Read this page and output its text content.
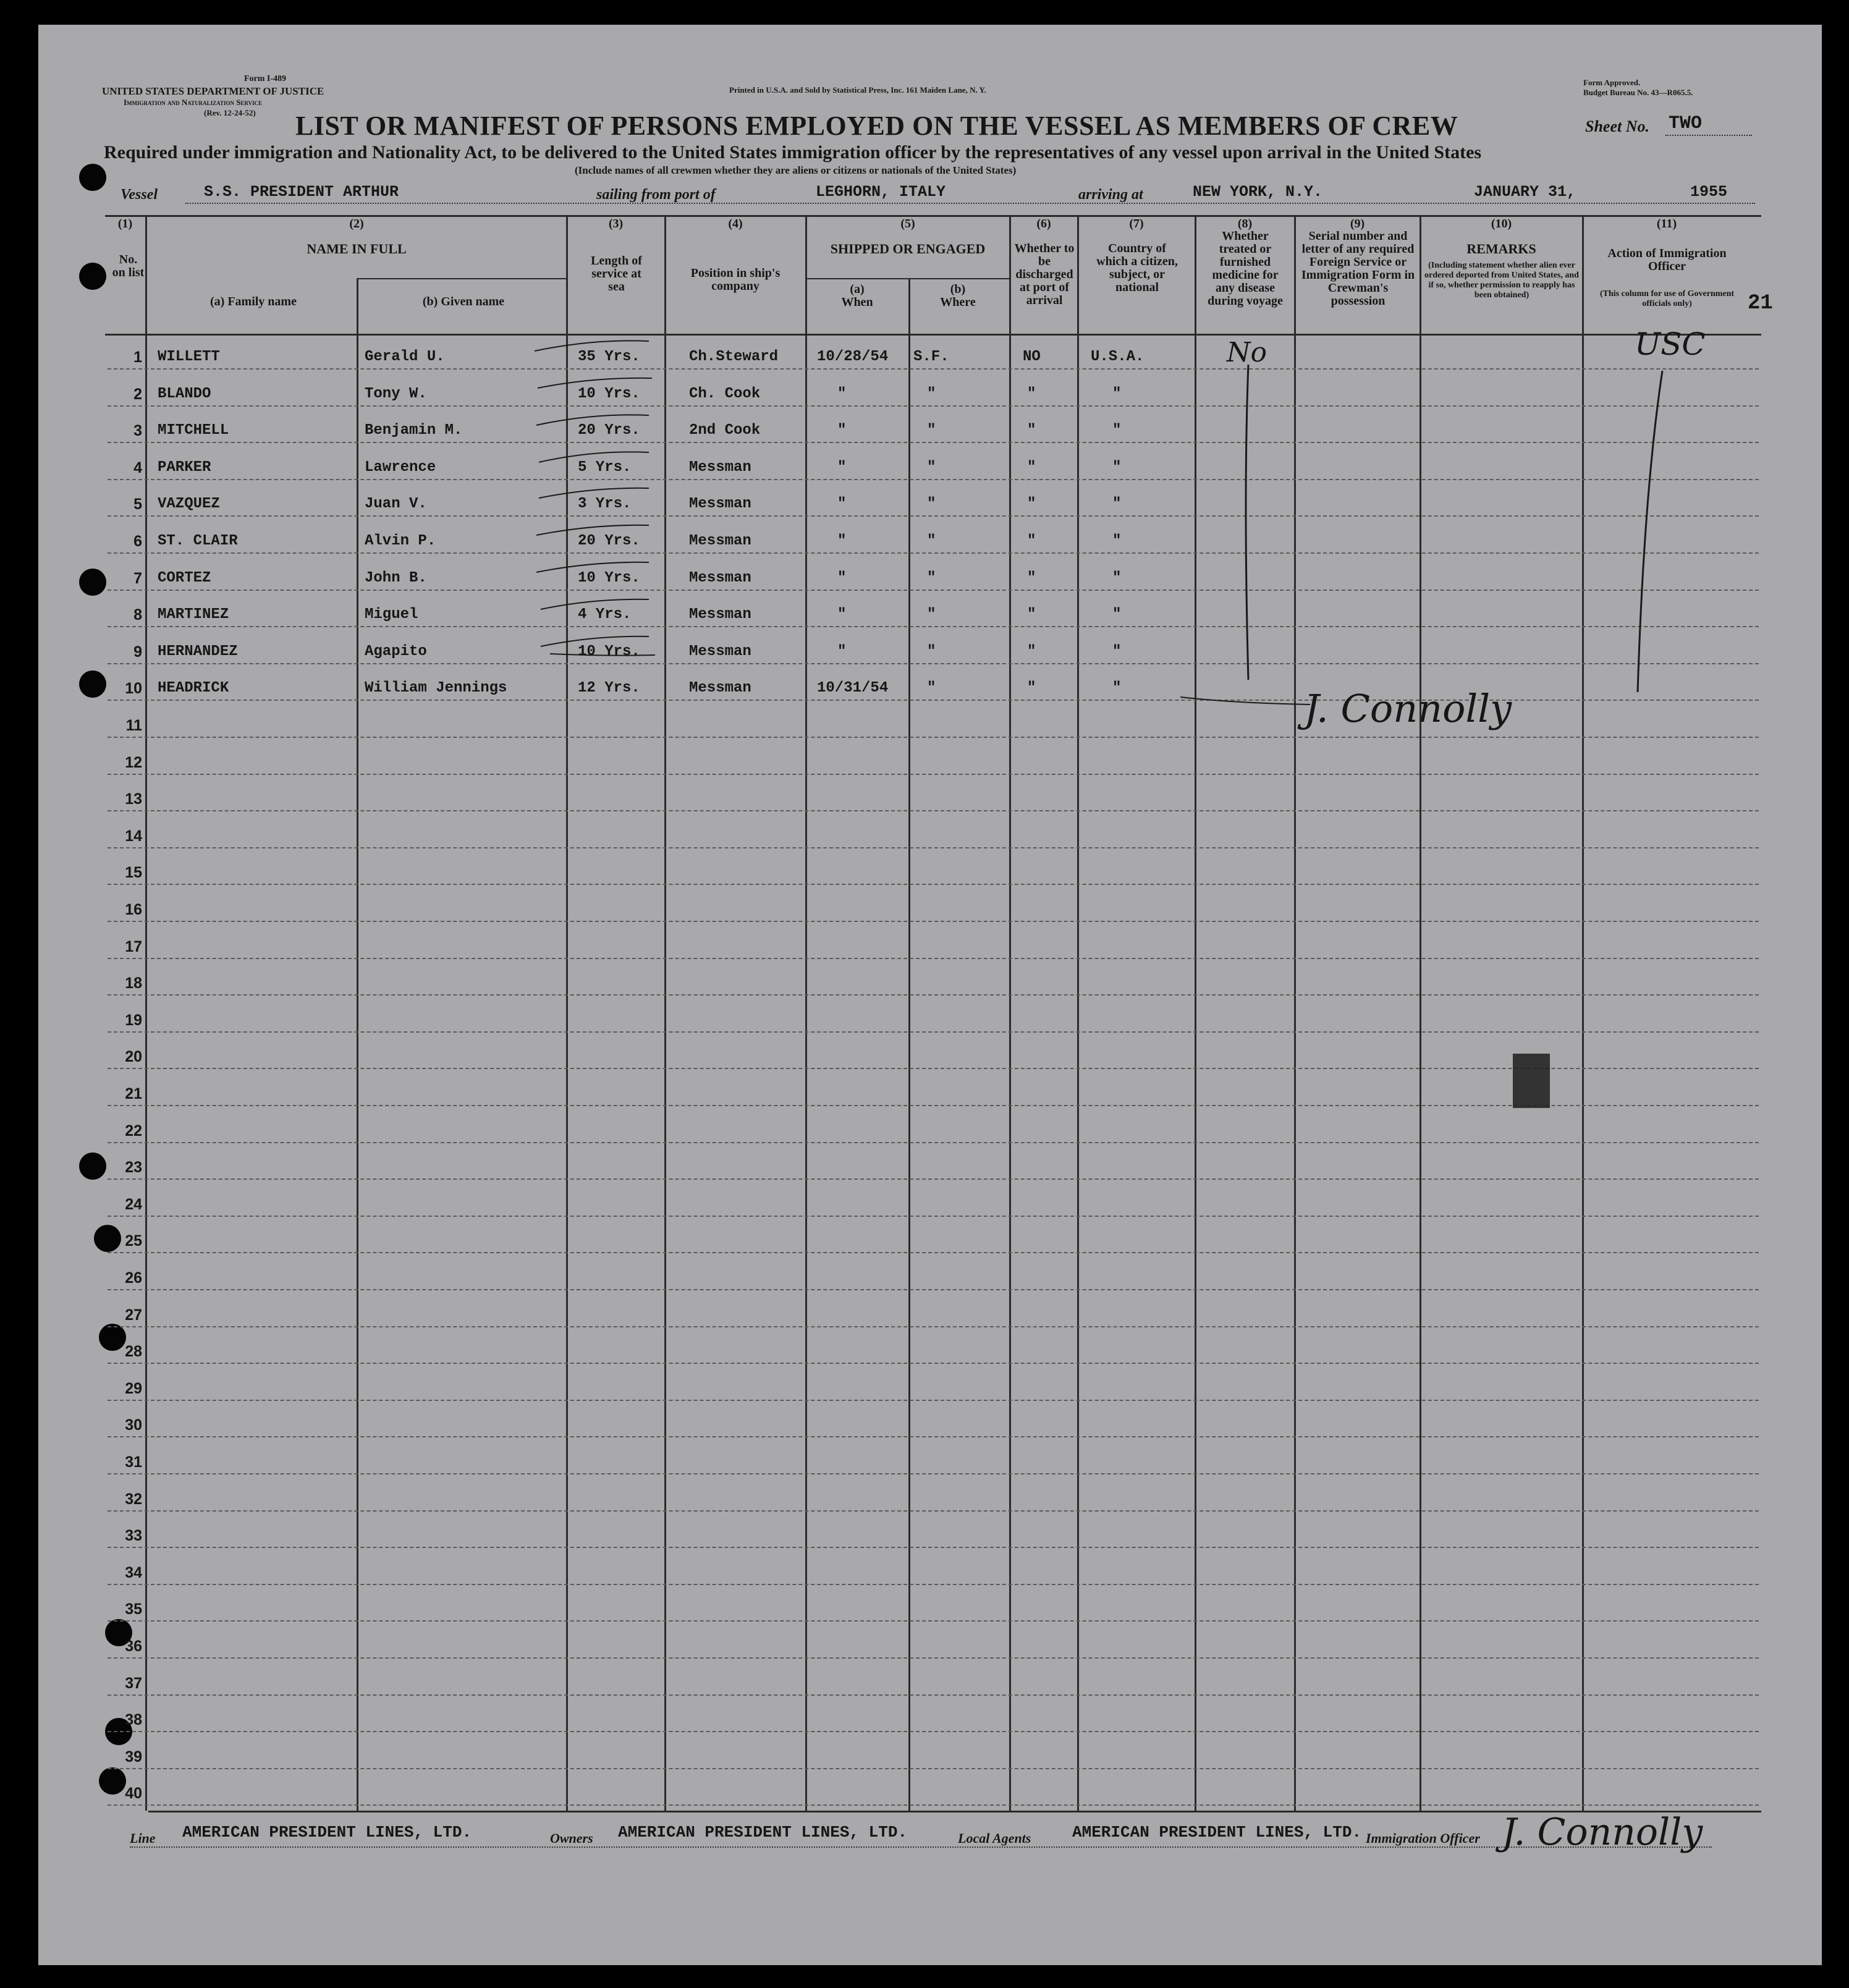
Form I-489
UNITED STATES DEPARTMENT OF JUSTICE
Immigration and Naturalization Service
(Rev. 12-24-52)
Printed in U.S.A. and Sold by Statistical Press, Inc. 161 Maiden Lane, N. Y.
Form Approved.
Budget Bureau No. 43—R065.5.
LIST OR MANIFEST OF PERSONS EMPLOYED ON THE VESSEL AS MEMBERS OF CREW	Sheet No. TWO
Required under immigration and Nationality Act, to be delivered to the United States immigration officer by the representatives of any vessel upon arrival in the United States
(Include names of all crewmen whether they are aliens or citizens or nationals of the United States)
Vessel	S.S. PRESIDENT ARTHUR	sailing from port of	LEGHORN, ITALY	arriving at	NEW YORK, N.Y.	JANUARY 31,	1955
(1)
No. on list
(2)
NAME IN FULL
(a) Family name	(b) Given name
(3)
Length of service at sea
(4)
Position in ship's company
(5)
SHIPPED OR ENGAGED
(a) When
(b) Where
(6)
Whether to be discharged at port of arrival
(7)
Country of which a citizen, subject, or national
(8)
Whether treated or furnished medicine for any disease during voyage
(9)
Serial number and letter of any required Foreign Service or Immigration Form in Crewman's possession
(10)
REMARKS
(Including statement whether alien ever ordered deported from United States, and if so, whether permission to reapply has been obtained)
(11)
Action of Immigration Officer
(This column for use of Government officials only)	21
1 WILLETT	Gerald U.	35 Yrs.	Ch.Steward	10/28/54 S.F.	NO	U.S.A.
2 BLANDO	Tony W.	10 Yrs.	Ch. Cook	"	"	"	"
3 MITCHELL	Benjamin M.	20 Yrs.	2nd Cook	"	"	"	"
4 PARKER	Lawrence	5 Yrs.	Messman	"	"	"	"
5 VAZQUEZ	Juan V.	3 Yrs.	Messman	"	"	"	"
6 ST. CLAIR	Alvin P.	20 Yrs.	Messman	"	"	"	"
7 CORTEZ	John B.	10 Yrs.	Messman	"	"	"	"
8 MARTINEZ	Miguel	4 Yrs.	Messman	"	"	"	"
9 HERNANDEZ	Agapito	10 Yrs.	Messman	"	"	"	"
10 HEADRICK	William Jennings	12 Yrs.	Messman	10/31/54	"	"	"
11
12
13
14
15
16
17
18
19
20
21
22
23
24
25
26
27
28
29
30
31
32
33
34
35
36
37
38
39
40
No	USC
J. Connolly
Line AMERICAN PRESIDENT LINES, LTD.	Owners AMERICAN PRESIDENT LINES, LTD.	Local Agents	AMERICAN PRESIDENT LINES, LTD. Immigration Officer J. Connolly
